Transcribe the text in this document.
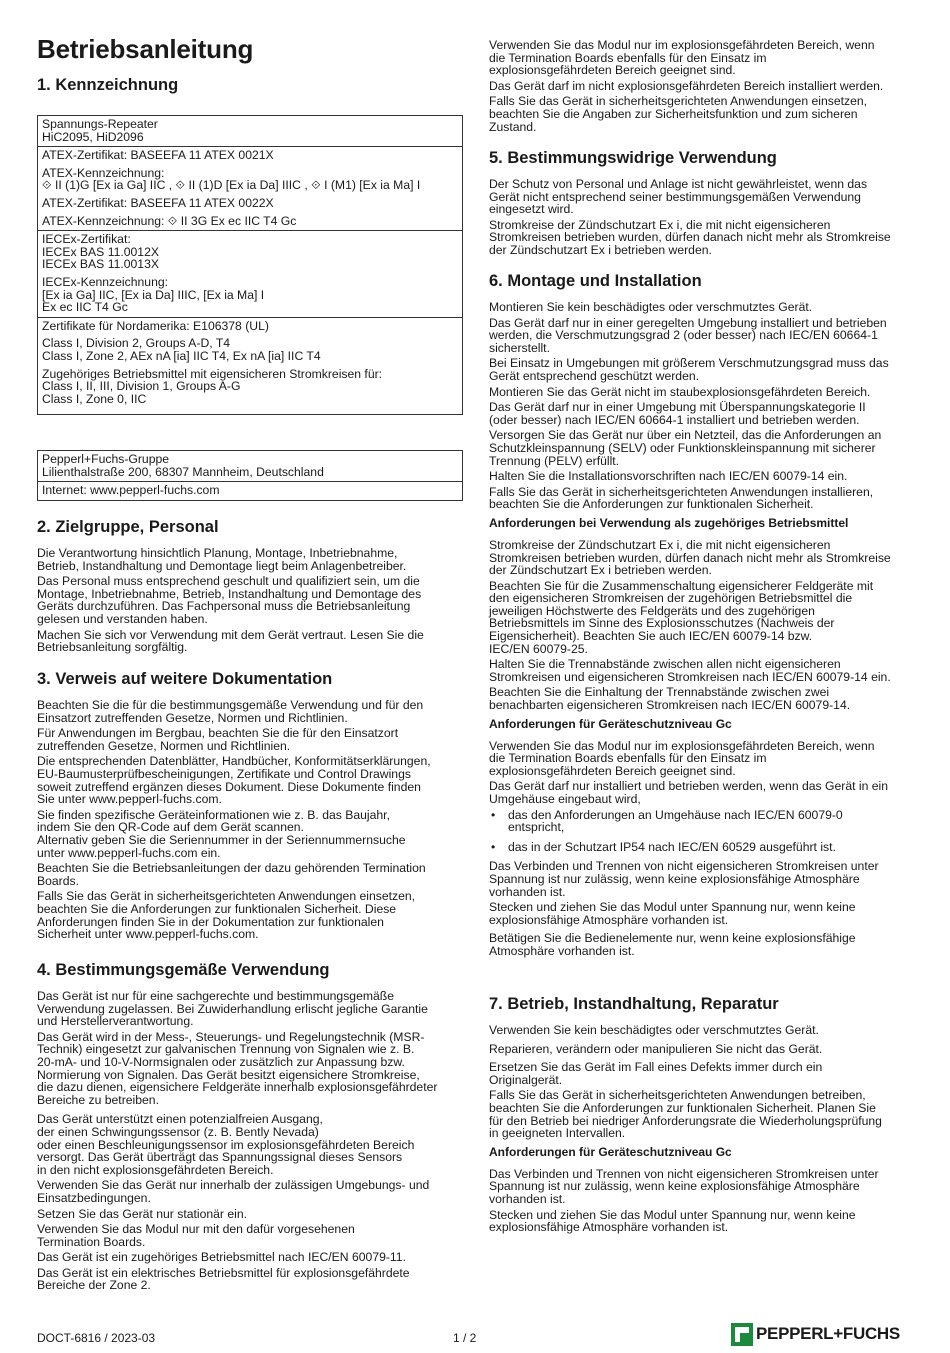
Betriebsanleitung
1. Kennzeichnung

Spannungs-Repeater
HiC2095, HiD2096

ATEX-Zertifikat: BASEEFA 11 ATEX 0021X

ATEX-Kennzeichnung:
⟐ II (1)G [Ex ia Ga] IIC , ⟐ II (1)D [Ex ia Da] IIIC , ⟐ I (M1) [Ex ia Ma] I

ATEX-Zertifikat: BASEEFA 11 ATEX 0022X

ATEX-Kennzeichnung: ⟐ II 3G Ex ec IIC T4 Gc

IECEx-Zertifikat:
IECEx BAS 11.0012X
IECEx BAS 11.0013X

IECEx-Kennzeichnung:
[Ex ia Ga] IIC, [Ex ia Da] IIIC, [Ex ia Ma] I
Ex ec IIC T4 Gc

Zertifikate für Nordamerika: E106378 (UL)

Class I, Division 2, Groups A-D, T4
Class I, Zone 2, AEx nA [ia] IIC T4, Ex nA [ia] IIC T4

Zugehöriges Betriebsmittel mit eigensicheren Stromkreisen für:
Class I, II, III, Division 1, Groups A-G
Class I, Zone 0, IIC

Pepperl+Fuchs-Gruppe
Lilienthalstraße 200, 68307 Mannheim, Deutschland

Internet: www.pepperl-fuchs.com

2. Zielgruppe, Personal

Die Verantwortung hinsichtlich Planung, Montage, Inbetriebnahme,
Betrieb, Instandhaltung und Demontage liegt beim Anlagenbetreiber.

Das Personal muss entsprechend geschult und qualifiziert sein, um die
Montage, Inbetriebnahme, Betrieb, Instandhaltung und Demontage des
Geräts durchzuführen. Das Fachpersonal muss die Betriebsanleitung
gelesen und verstanden haben.

Machen Sie sich vor Verwendung mit dem Gerät vertraut. Lesen Sie die
Betriebsanleitung sorgfältig.

3. Verweis auf weitere Dokumentation

Beachten Sie die für die bestimmungsgemäße Verwendung und für den
Einsatzort zutreffenden Gesetze, Normen und Richtlinien.

Für Anwendungen im Bergbau, beachten Sie die für den Einsatzort
zutreffenden Gesetze, Normen und Richtlinien.

Die entsprechenden Datenblätter, Handbücher, Konformitätserklärungen,
EU-Baumusterprüfbescheinigungen, Zertifikate und Control Drawings
soweit zutreffend ergänzen dieses Dokument. Diese Dokumente finden
Sie unter www.pepperl-fuchs.com.

Sie finden spezifische Geräteinformationen wie z. B. das Baujahr,
indem Sie den QR-Code auf dem Gerät scannen.
Alternativ geben Sie die Seriennummer in der Seriennummernsuche
unter www.pepperl-fuchs.com ein.

Beachten Sie die Betriebsanleitungen der dazu gehörenden Termination
Boards.

Falls Sie das Gerät in sicherheitsgerichteten Anwendungen einsetzen,
beachten Sie die Anforderungen zur funktionalen Sicherheit. Diese
Anforderungen finden Sie in der Dokumentation zur funktionalen
Sicherheit unter www.pepperl-fuchs.com.

4. Bestimmungsgemäße Verwendung

Das Gerät ist nur für eine sachgerechte und bestimmungsgemäße
Verwendung zugelassen. Bei Zuwiderhandlung erlischt jegliche Garantie
und Herstellerverantwortung.

Das Gerät wird in der Mess-, Steuerungs- und Regelungstechnik (MSR-
Technik) eingesetzt zur galvanischen Trennung von Signalen wie z. B.
20-mA- und 10-V-Normsignalen oder zusätzlich zur Anpassung bzw.
Normierung von Signalen. Das Gerät besitzt eigensichere Stromkreise,
die dazu dienen, eigensichere Feldgeräte innerhalb explosionsgefährdeter
Bereiche zu betreiben.

Das Gerät unterstützt einen potenzialfreien Ausgang,
der einen Schwingungssensor (z. B. Bently Nevada)
oder einen Beschleunigungssensor im explosionsgefährdeten Bereich
versorgt. Das Gerät überträgt das Spannungssignal dieses Sensors
in den nicht explosionsgefährdeten Bereich.

Verwenden Sie das Gerät nur innerhalb der zulässigen Umgebungs- und
Einsatzbedingungen.

Setzen Sie das Gerät nur stationär ein.

Verwenden Sie das Modul nur mit den dafür vorgesehenen
Termination Boards.

Das Gerät ist ein zugehöriges Betriebsmittel nach IEC/EN 60079-11.

Das Gerät ist ein elektrisches Betriebsmittel für explosionsgefährdete
Bereiche der Zone 2.

Verwenden Sie das Modul nur im explosionsgefährdeten Bereich, wenn
die Termination Boards ebenfalls für den Einsatz im
explosionsgefährdeten Bereich geeignet sind.

Das Gerät darf im nicht explosionsgefährdeten Bereich installiert werden.

Falls Sie das Gerät in sicherheitsgerichteten Anwendungen einsetzen,
beachten Sie die Angaben zur Sicherheitsfunktion und zum sicheren
Zustand.

5. Bestimmungswidrige Verwendung

Der Schutz von Personal und Anlage ist nicht gewährleistet, wenn das
Gerät nicht entsprechend seiner bestimmungsgemäßen Verwendung
eingesetzt wird.

Stromkreise der Zündschutzart Ex i, die mit nicht eigensicheren
Stromkreisen betrieben wurden, dürfen danach nicht mehr als Stromkreise
der Zündschutzart Ex i betrieben werden.

6. Montage und Installation

Montieren Sie kein beschädigtes oder verschmutztes Gerät.

Das Gerät darf nur in einer geregelten Umgebung installiert und betrieben
werden, die Verschmutzungsgrad 2 (oder besser) nach IEC/EN 60664-1
sicherstellt.

Bei Einsatz in Umgebungen mit größerem Verschmutzungsgrad muss das
Gerät entsprechend geschützt werden.

Montieren Sie das Gerät nicht im staubexplosionsgefährdeten Bereich.

Das Gerät darf nur in einer Umgebung mit Überspannungskategorie II
(oder besser) nach IEC/EN 60664-1 installiert und betrieben werden.

Versorgen Sie das Gerät nur über ein Netzteil, das die Anforderungen an
Schutzkleinspannung (SELV) oder Funktionskleinspannung mit sicherer
Trennung (PELV) erfüllt.

Halten Sie die Installationsvorschriften nach IEC/EN 60079-14 ein.

Falls Sie das Gerät in sicherheitsgerichteten Anwendungen installieren,
beachten Sie die Anforderungen zur funktionalen Sicherheit.

Anforderungen bei Verwendung als zugehöriges Betriebsmittel

Stromkreise der Zündschutzart Ex i, die mit nicht eigensicheren
Stromkreisen betrieben wurden, dürfen danach nicht mehr als Stromkreise
der Zündschutzart Ex i betrieben werden.

Beachten Sie für die Zusammenschaltung eigensicherer Feldgeräte mit
den eigensicheren Stromkreisen der zugehörigen Betriebsmittel die
jeweiligen Höchstwerte des Feldgeräts und des zugehörigen
Betriebsmittels im Sinne des Explosionsschutzes (Nachweis der
Eigensicherheit). Beachten Sie auch IEC/EN 60079-14 bzw.
IEC/EN 60079-25.

Halten Sie die Trennabstände zwischen allen nicht eigensicheren
Stromkreisen und eigensicheren Stromkreisen nach IEC/EN 60079-14 ein.

Beachten Sie die Einhaltung der Trennabstände zwischen zwei
benachbarten eigensicheren Stromkreisen nach IEC/EN 60079-14.

Anforderungen für Geräteschutzniveau Gc

Verwenden Sie das Modul nur im explosionsgefährdeten Bereich, wenn
die Termination Boards ebenfalls für den Einsatz im
explosionsgefährdeten Bereich geeignet sind.

Das Gerät darf nur installiert und betrieben werden, wenn das Gerät in ein
Umgehäuse eingebaut wird,

• das den Anforderungen an Umgehäuse nach IEC/EN 60079-0
entspricht,
• das in der Schutzart IP54 nach IEC/EN 60529 ausgeführt ist.

Das Verbinden und Trennen von nicht eigensicheren Stromkreisen unter
Spannung ist nur zulässig, wenn keine explosionsfähige Atmosphäre
vorhanden ist.

Stecken und ziehen Sie das Modul unter Spannung nur, wenn keine
explosionsfähige Atmosphäre vorhanden ist.

Betätigen Sie die Bedienelemente nur, wenn keine explosionsfähige
Atmosphäre vorhanden ist.

7. Betrieb, Instandhaltung, Reparatur

Verwenden Sie kein beschädigtes oder verschmutztes Gerät.

Reparieren, verändern oder manipulieren Sie nicht das Gerät.

Ersetzen Sie das Gerät im Fall eines Defekts immer durch ein
Originalgerät.

Falls Sie das Gerät in sicherheitsgerichteten Anwendungen betreiben,
beachten Sie die Anforderungen zur funktionalen Sicherheit. Planen Sie
für den Betrieb bei niedriger Anforderungsrate die Wiederholungsprüfung
in geeigneten Intervallen.

Anforderungen für Geräteschutzniveau Gc

Das Verbinden und Trennen von nicht eigensicheren Stromkreisen unter
Spannung ist nur zulässig, wenn keine explosionsfähige Atmosphäre
vorhanden ist.

Stecken und ziehen Sie das Modul unter Spannung nur, wenn keine
explosionsfähige Atmosphäre vorhanden ist.

DOCT-6816 / 2023-03	1 / 2	PEPPERL+FUCHS
